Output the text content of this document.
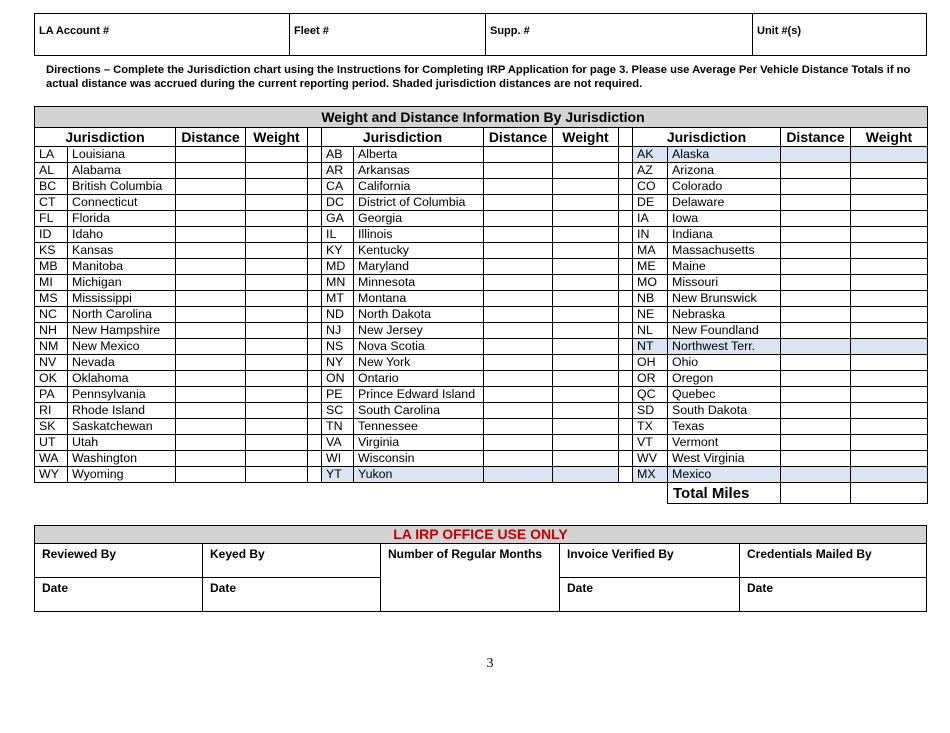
LA Account #	Fleet #	Supp. #	Unit #(s)

Directions – Complete the Jurisdiction chart using the Instructions for Completing IRP Application for page 3. Please use Average Per Vehicle Distance Totals if no actual distance was accrued during the current reporting period. Shaded jurisdiction distances are not required.

Weight and Distance Information By Jurisdiction													
Jurisdiction		Distance	Weight		Jurisdiction		Distance	Weight		Jurisdiction		Distance	Weight
LA	Louisiana				AB	Alberta				AK	Alaska		
AL	Alabama				AR	Arkansas				AZ	Arizona		
BC	British Columbia				CA	California				CO	Colorado		
CT	Connecticut				DC	District of Columbia				DE	Delaware		
FL	Florida				GA	Georgia				IA	Iowa		
ID	Idaho				IL	Illinois				IN	Indiana		
KS	Kansas				KY	Kentucky				MA	Massachusetts		
MB	Manitoba				MD	Maryland				ME	Maine		
MI	Michigan				MN	Minnesota				MO	Missouri		
MS	Mississippi				MT	Montana				NB	New Brunswick		
NC	North Carolina				ND	North Dakota				NE	Nebraska		
NH	New Hampshire				NJ	New Jersey				NL	New Foundland		
NM	New Mexico				NS	Nova Scotia				NT	Northwest Terr.		
NV	Nevada				NY	New York				OH	Ohio		
OK	Oklahoma				ON	Ontario				OR	Oregon		
PA	Pennsylvania				PE	Prince Edward Island				QC	Quebec		
RI	Rhode Island				SC	South Carolina				SD	South Dakota		
SK	Saskatchewan				TN	Tennessee				TX	Texas		
UT	Utah				VA	Virginia				VT	Vermont		
WA	Washington				WI	Wisconsin				WV	West Virginia		
WY	Wyoming				YT	Yukon				MX	Mexico		
											Total Miles		
LA IRP OFFICE USE ONLY				
Reviewed By	Keyed By	Number of Regular Months	Invoice Verified By	Credentials Mailed By
Date	Date		Date	Date
3
